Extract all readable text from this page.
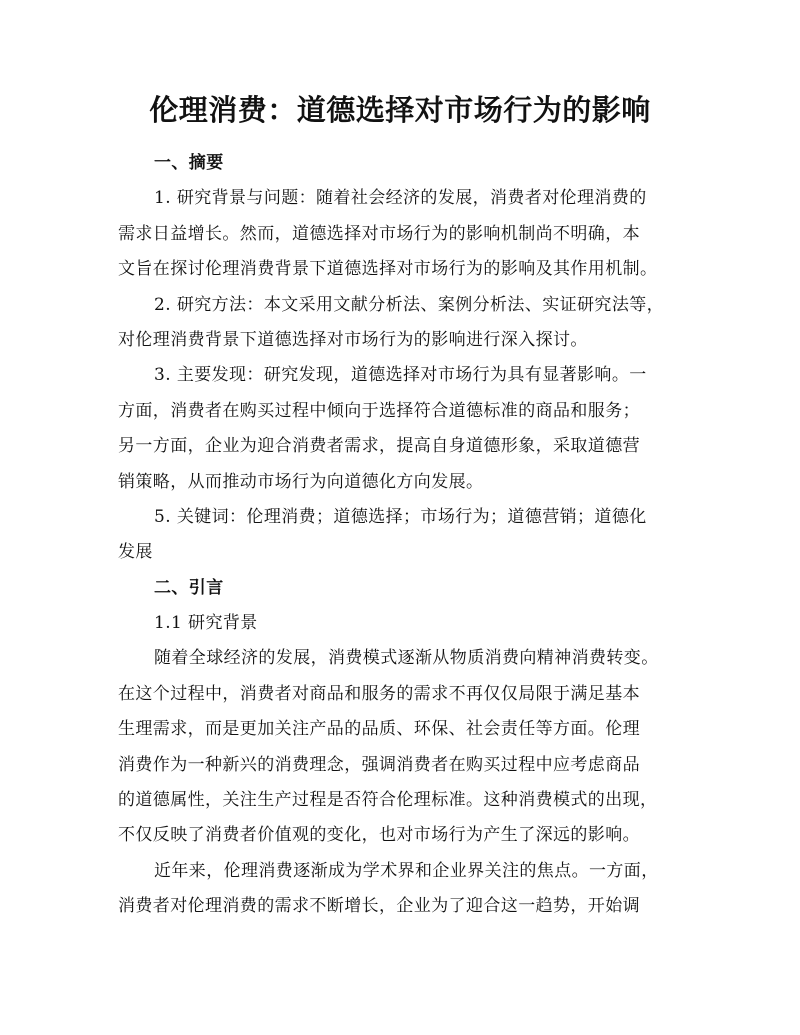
伦理消费：道德选择对市场行为的影响
一、摘要
1. 研究背景与问题：随着社会经济的发展，消费者对伦理消费的
需求日益增长。然而，道德选择对市场行为的影响机制尚不明确，本
文旨在探讨伦理消费背景下道德选择对市场行为的影响及其作用机制。
2. 研究方法：本文采用文献分析法、案例分析法、实证研究法等，
对伦理消费背景下道德选择对市场行为的影响进行深入探讨。
3. 主要发现：研究发现，道德选择对市场行为具有显著影响。一
方面，消费者在购买过程中倾向于选择符合道德标准的商品和服务；
另一方面，企业为迎合消费者需求，提高自身道德形象，采取道德营
销策略，从而推动市场行为向道德化方向发展。
5. 关键词：伦理消费；道德选择；市场行为；道德营销；道德化
发展
二、引言
1.1 研究背景
随着全球经济的发展，消费模式逐渐从物质消费向精神消费转变。
在这个过程中，消费者对商品和服务的需求不再仅仅局限于满足基本
生理需求，而是更加关注产品的品质、环保、社会责任等方面。伦理
消费作为一种新兴的消费理念，强调消费者在购买过程中应考虑商品
的道德属性，关注生产过程是否符合伦理标准。这种消费模式的出现，
不仅反映了消费者价值观的变化，也对市场行为产生了深远的影响。
近年来，伦理消费逐渐成为学术界和企业界关注的焦点。一方面，
消费者对伦理消费的需求不断增长，企业为了迎合这一趋势，开始调
